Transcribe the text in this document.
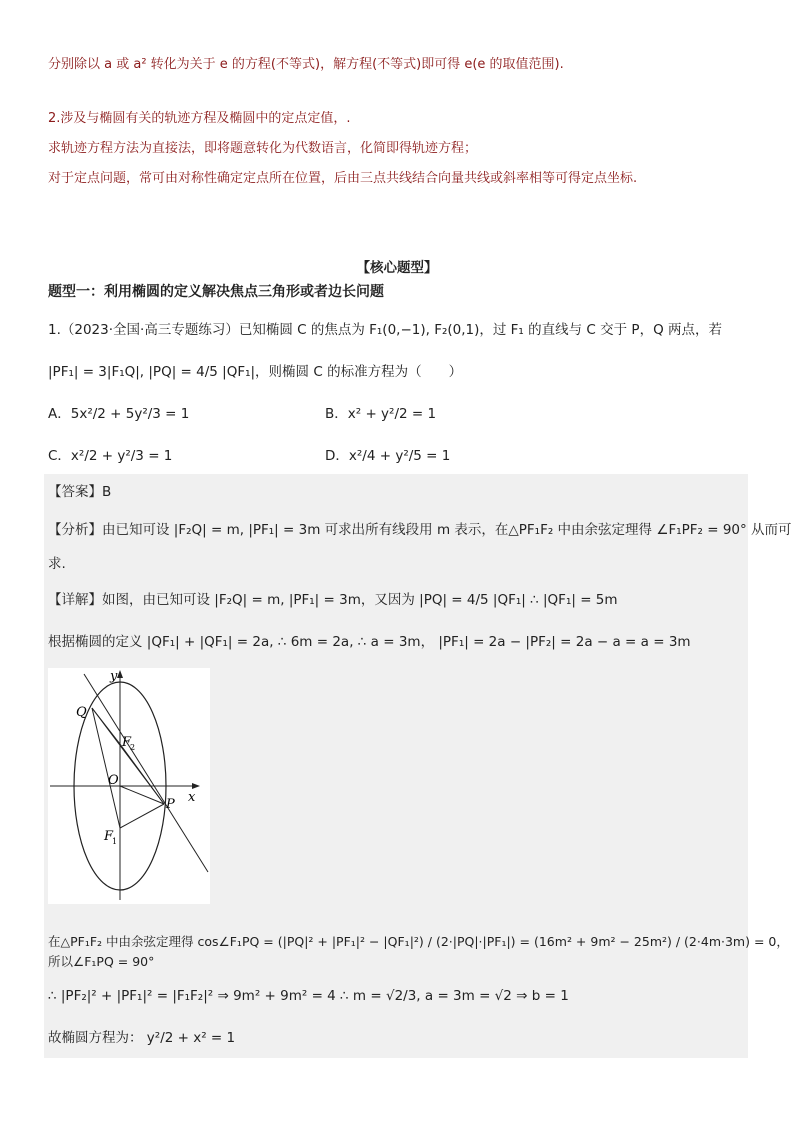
分别除以 a 或 a² 转化为关于 e 的方程(不等式)，解方程(不等式)即可得 e(e 的取值范围).
2.涉及与椭圆有关的轨迹方程及椭圆中的定点定值，.
求轨迹方程方法为直接法，即将题意转化为代数语言，化简即得轨迹方程；
对于定点问题，常可由对称性确定定点所在位置，后由三点共线结合向量共线或斜率相等可得定点坐标.
【核心题型】
题型一：利用椭圆的定义解决焦点三角形或者边长问题
1.（2023·全国·高三专题练习）已知椭圆 C 的焦点为 F₁(0,−1), F₂(0,1)，过 F₁ 的直线与 C 交于 P，Q 两点，若
|PF₁| = 3|F₁Q|, |PQ| = 4/5 |QF₁|，则椭圆 C 的标准方程为（　　）
A．5x²/2 + 5y²/3 = 1	B．x² + y²/2 = 1
C．x²/2 + y²/3 = 1	D．x²/4 + y²/5 = 1
【答案】B
【分析】由已知可设 |F₂Q| = m, |PF₁| = 3m 可求出所有线段用 m 表示，在△PF₁F₂ 中由余弦定理得 ∠F₁PF₂ = 90° 从而可
求.
【详解】如图，由已知可设 |F₂Q| = m, |PF₁| = 3m，又因为 |PQ| = 4/5 |QF₁| ∴ |QF₁| = 5m
根据椭圆的定义 |QF₁| + |QF₁| = 2a, ∴ 6m = 2a, ∴ a = 3m， |PF₁| = 2a − |PF₂| = 2a − a = a = 3m
y
x
O
Q
P
F
2
F
1
在△PF₁F₂ 中由余弦定理得 cos∠F₁PQ = (|PQ|² + |PF₁|² − |QF₁|²) / (2·|PQ|·|PF₁|) = (16m² + 9m² − 25m²) / (2·4m·3m) = 0，所以∠F₁PQ = 90°
∴ |PF₂|² + |PF₁|² = |F₁F₂|² ⇒ 9m² + 9m² = 4 ∴ m = √2/3, a = 3m = √2 ⇒ b = 1
故椭圆方程为： y²/2 + x² = 1
